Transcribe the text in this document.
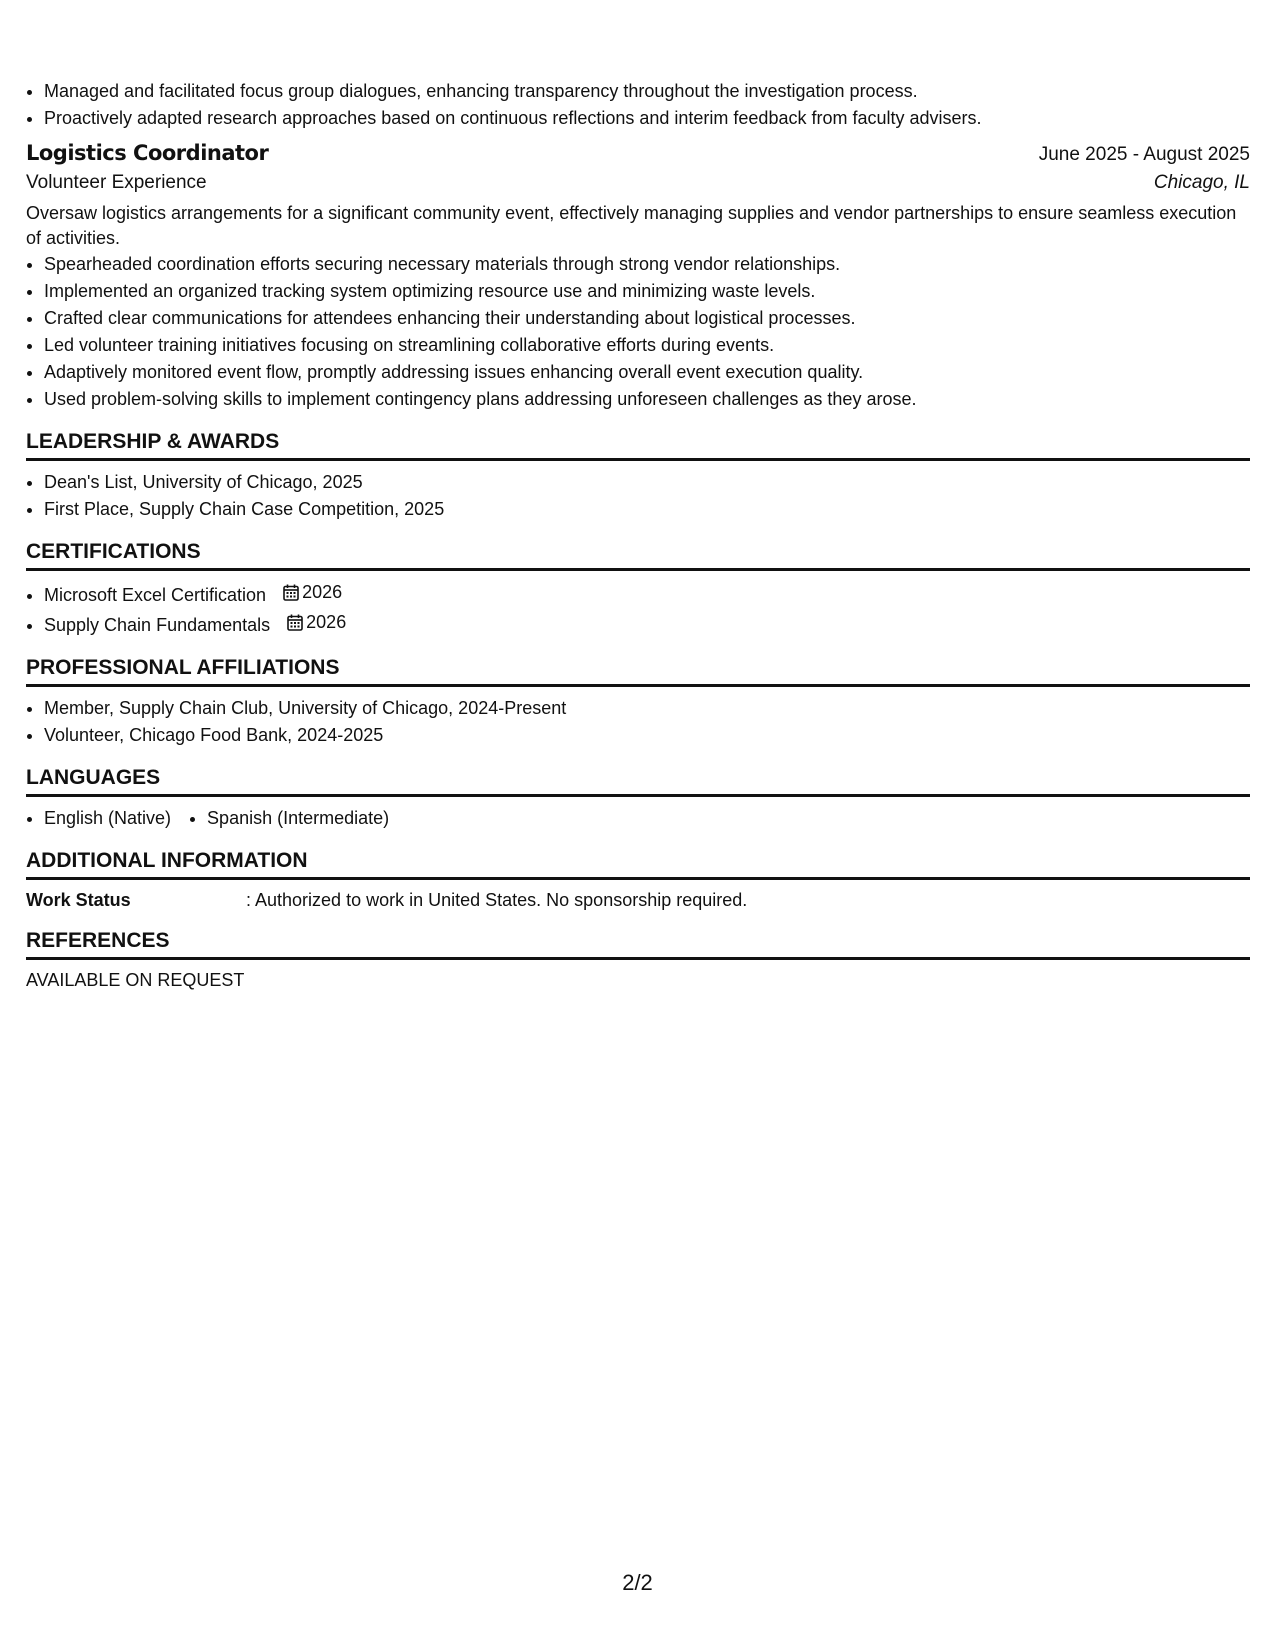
• Managed and facilitated focus group dialogues, enhancing transparency throughout the investigation process.
• Proactively adapted research approaches based on continuous reflections and interim feedback from faculty advisers.
Logistics Coordinator	June 2025 - August 2025
Volunteer Experience	Chicago, IL
Oversaw logistics arrangements for a significant community event, effectively managing supplies and vendor partnerships to ensure seamless execution of activities.
• Spearheaded coordination efforts securing necessary materials through strong vendor relationships.
• Implemented an organized tracking system optimizing resource use and minimizing waste levels.
• Crafted clear communications for attendees enhancing their understanding about logistical processes.
• Led volunteer training initiatives focusing on streamlining collaborative efforts during events.
• Adaptively monitored event flow, promptly addressing issues enhancing overall event execution quality.
• Used problem-solving skills to implement contingency plans addressing unforeseen challenges as they arose.
LEADERSHIP & AWARDS
• Dean's List, University of Chicago, 2025
• First Place, Supply Chain Case Competition, 2025
CERTIFICATIONS
• Microsoft Excel Certification 2026
• Supply Chain Fundamentals 2026
PROFESSIONAL AFFILIATIONS
• Member, Supply Chain Club, University of Chicago, 2024-Present
• Volunteer, Chicago Food Bank, 2024-2025
LANGUAGES
• English (Native)
• Spanish (Intermediate)
ADDITIONAL INFORMATION
Work Status	: Authorized to work in United States. No sponsorship required.
REFERENCES
AVAILABLE ON REQUEST
2/2
